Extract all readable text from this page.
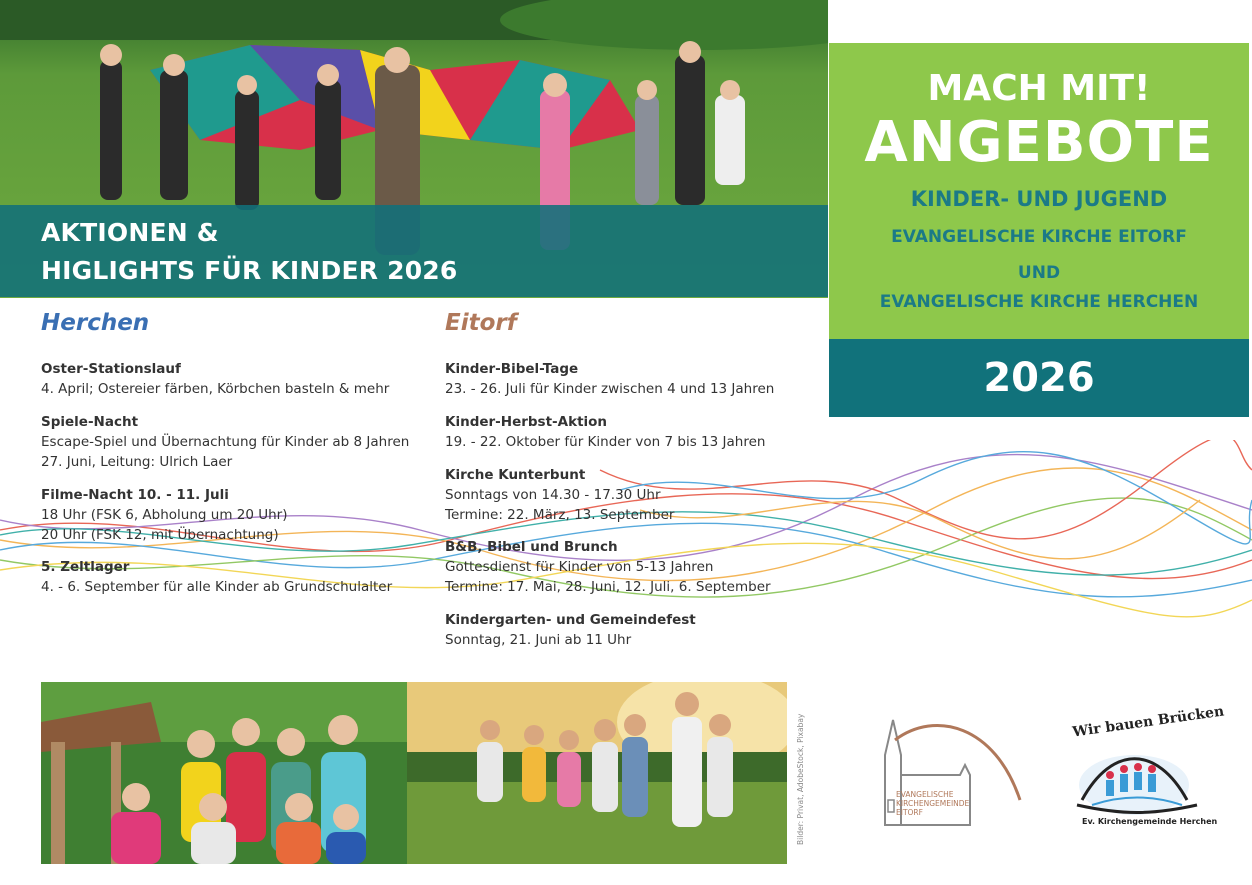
AKTIONEN &
HIGLIGHTS FÜR KINDER 2026
MACH MIT!
ANGEBOTE
KINDER- UND JUGEND
EVANGELISCHE KIRCHE EITORF
UND
EVANGELISCHE KIRCHE HERCHEN
2026
Herchen
Oster-Stationslauf
4. April; Ostereier färben, Körbchen basteln & mehr
Spiele-Nacht
Escape-Spiel und Übernachtung für Kinder ab 8 Jahren
27. Juni, Leitung: Ulrich Laer
Filme-Nacht 10. - 11. Juli
18 Uhr (FSK 6, Abholung um 20 Uhr)
20 Uhr (FSK 12, mit Übernachtung)
5. Zeltlager
4. - 6. September für alle Kinder ab Grundschulalter
Eitorf
Kinder-Bibel-Tage
23. - 26. Juli für Kinder zwischen 4 und 13 Jahren
Kinder-Herbst-Aktion
19. - 22. Oktober für Kinder von 7 bis 13 Jahren
Kirche Kunterbunt
Sonntags von 14.30 - 17.30 Uhr
Termine: 22. März, 13. September
B&B, Bibel und Brunch
Gottesdienst für Kinder von 5-13 Jahren
Termine: 17. Mai, 28. Juni, 12. Juli, 6. September
Kindergarten- und Gemeindefest
Sonntag, 21. Juni ab 11 Uhr
Bilder: Privat, AdobeStock, Pixabay	EVANGELISCHE
KIRCHENGEMEINDE
EITORF
Wir bauen Brücken
Ev. Kirchengemeinde Herchen
